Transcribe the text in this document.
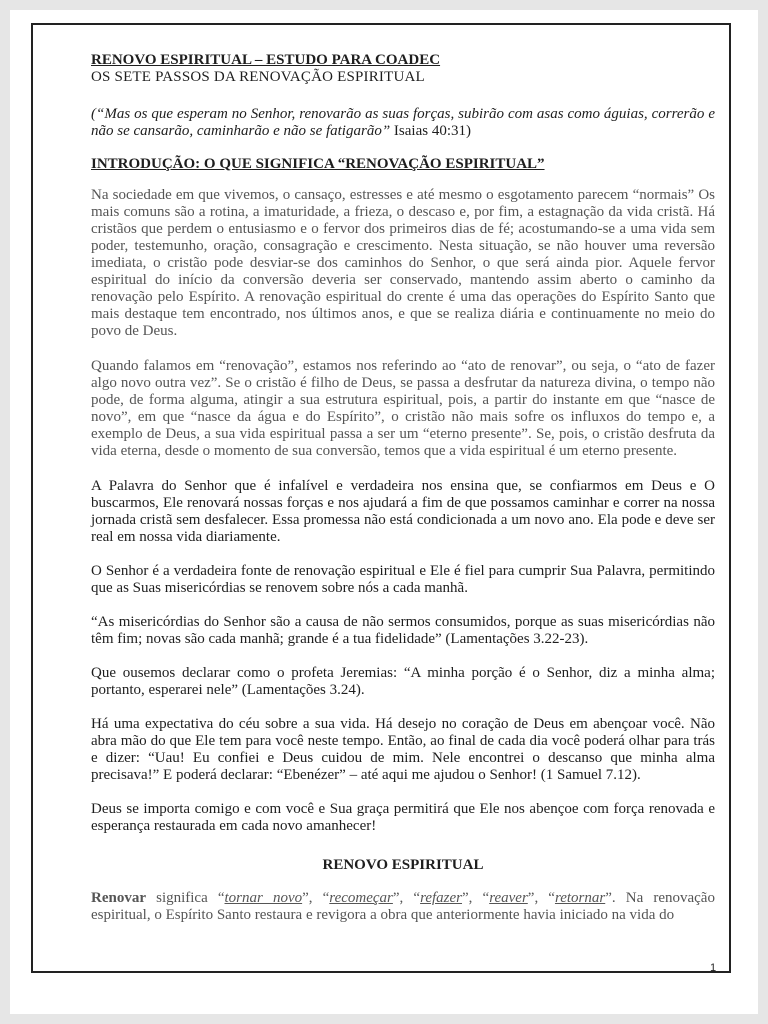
RENOVO ESPIRITUAL – ESTUDO PARA COADEC

OS SETE PASSOS DA RENOVAÇÃO ESPIRITUAL

(“Mas os que esperam no Senhor, renovarão as suas forças, subirão com asas como águias, correrão e não se cansarão, caminharão e não se fatigarão” Isaias 40:31)

INTRODUÇÃO: O QUE SIGNIFICA “RENOVAÇÃO ESPIRITUAL”

Na sociedade em que vivemos, o cansaço, estresses e até mesmo o esgotamento parecem “normais” Os mais comuns são a rotina, a imaturidade, a frieza, o descaso e, por fim, a estagnação da vida cristã. Há cristãos que perdem o entusiasmo e o fervor dos primeiros dias de fé; acostumando-se a uma vida sem poder, testemunho, oração, consagração e crescimento. Nesta situação, se não houver uma reversão imediata, o cristão pode desviar-se dos caminhos do Senhor, o que será ainda pior. Aquele fervor espiritual do início da conversão deveria ser conservado, mantendo assim aberto o caminho da renovação pelo Espírito. A renovação espiritual do crente é uma das operações do Espírito Santo que mais destaque tem encontrado, nos últimos anos, e que se realiza diária e continuamente no meio do povo de Deus.

Quando falamos em “renovação”, estamos nos referindo ao “ato de renovar”, ou seja, o “ato de fazer algo novo outra vez”. Se o cristão é filho de Deus, se passa a desfrutar da natureza divina, o tempo não pode, de forma alguma, atingir a sua estrutura espiritual, pois, a partir do instante em que “nasce de novo”, em que “nasce da água e do Espírito”, o cristão não mais sofre os influxos do tempo e, a exemplo de Deus, a sua vida espiritual passa a ser um “eterno presente”. Se, pois, o cristão desfruta da vida eterna, desde o momento de sua conversão, temos que a vida espiritual é um eterno presente.

A Palavra do Senhor que é infalível e verdadeira nos ensina que, se confiarmos em Deus e O buscarmos, Ele renovará nossas forças e nos ajudará a fim de que possamos caminhar e correr na nossa jornada cristã sem desfalecer. Essa promessa não está condicionada a um novo ano. Ela pode e deve ser real em nossa vida diariamente.

O Senhor é a verdadeira fonte de renovação espiritual e Ele é fiel para cumprir Sua Palavra, permitindo que as Suas misericórdias se renovem sobre nós a cada manhã.

“As misericórdias do Senhor são a causa de não sermos consumidos, porque as suas misericórdias não têm fim; novas são cada manhã; grande é a tua fidelidade” (Lamentações 3.22-23).

Que ousemos declarar como o profeta Jeremias: “A minha porção é o Senhor, diz a minha alma; portanto, esperarei nele” (Lamentações 3.24).

Há uma expectativa do céu sobre a sua vida. Há desejo no coração de Deus em abençoar você. Não abra mão do que Ele tem para você neste tempo. Então, ao final de cada dia você poderá olhar para trás e dizer: “Uau! Eu confiei e Deus cuidou de mim. Nele encontrei o descanso que minha alma precisava!” E poderá declarar: “Ebenézer” – até aqui me ajudou o Senhor! (1 Samuel 7.12).

Deus se importa comigo e com você e Sua graça permitirá que Ele nos abençoe com força renovada e esperança restaurada em cada novo amanhecer!

RENOVO ESPIRITUAL

Renovar significa “tornar novo”, “recomeçar”, “refazer”, “reaver”, “retornar”. Na renovação espiritual, o Espírito Santo restaura e revigora a obra que anteriormente havia iniciado na vida do

1
